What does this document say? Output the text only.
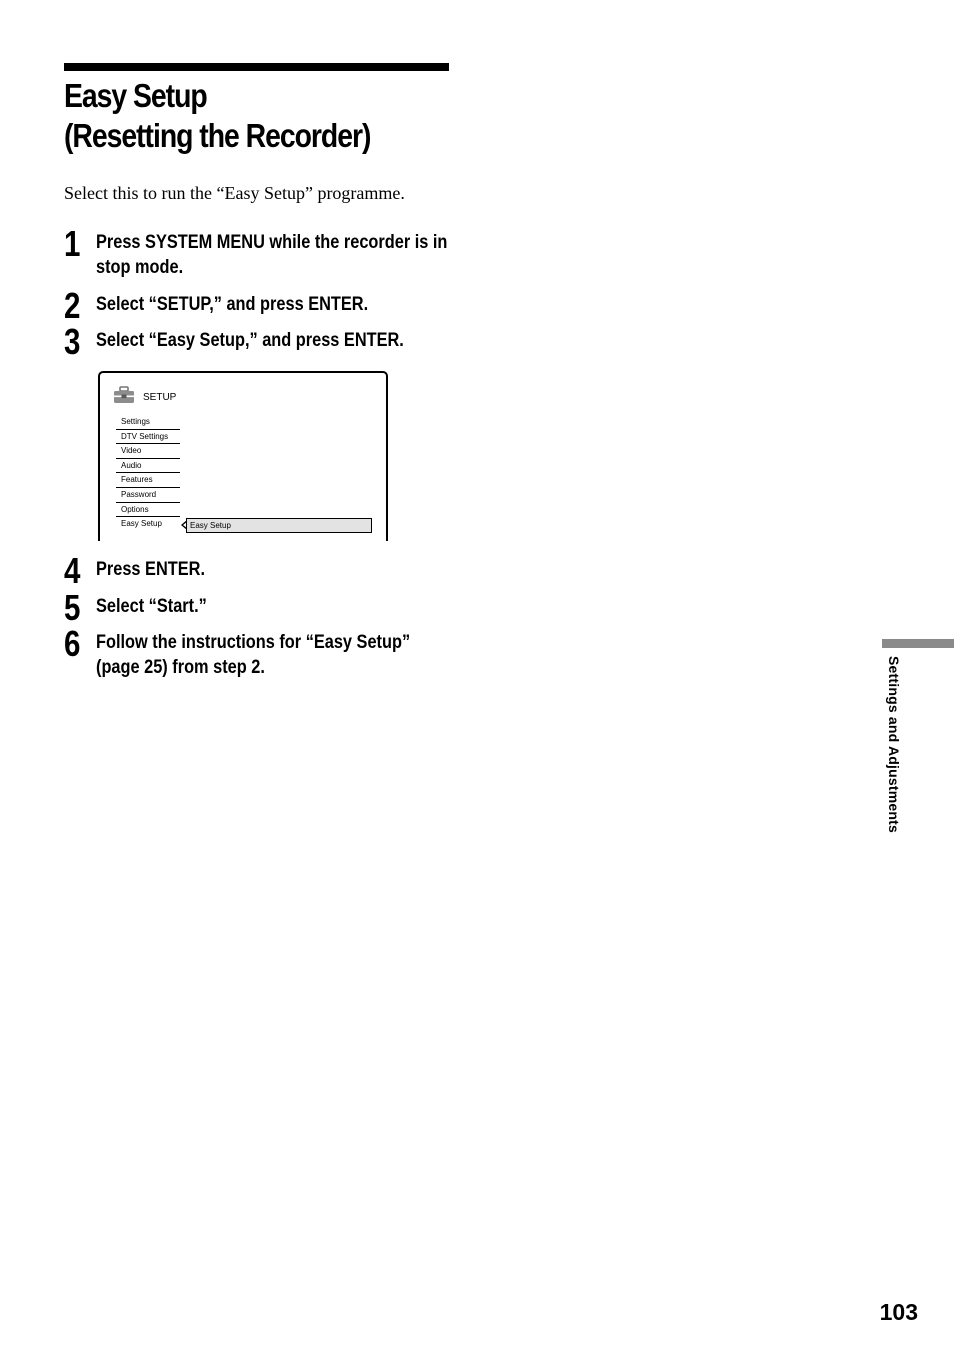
Easy Setup
(Resetting the Recorder)
Select this to run the “Easy Setup” programme.
1 Press SYSTEM MENU while the recorder is in stop mode.
2 Select “SETUP,” and press ENTER.
3 Select “Easy Setup,” and press ENTER.
SETUP
Settings
DTV Settings
Video
Audio
Features
Password
Options
Easy Setup	Easy Setup
4 Press ENTER.
5 Select “Start.”
6 Follow the instructions for “Easy Setup” (page 25) from step 2.	Settings and Adjustments
103
